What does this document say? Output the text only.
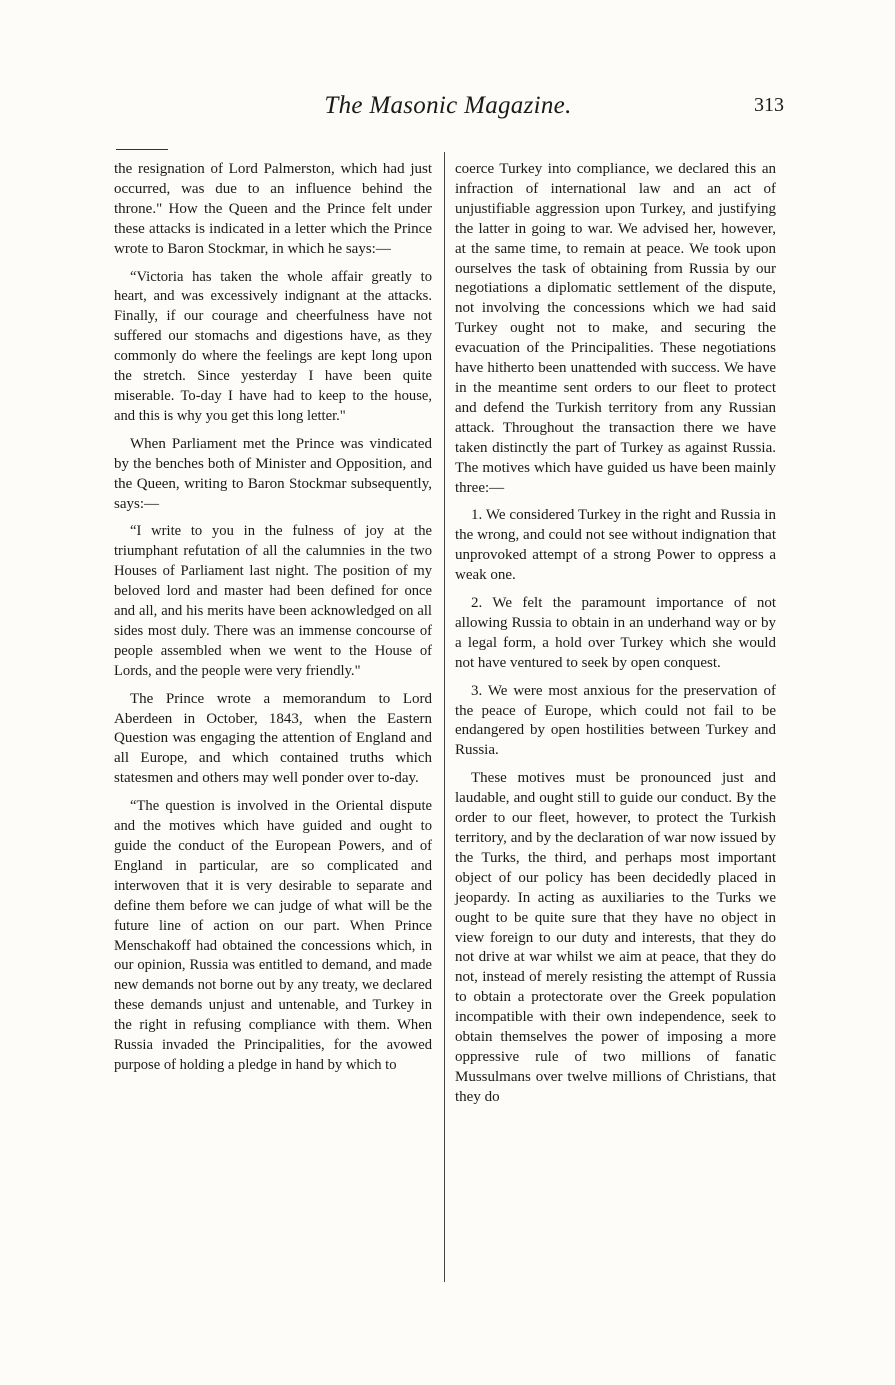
The Masonic Magazine.	313

the resignation of Lord Palmerston, which had just occurred, was due to an influence behind the throne." How the Queen and the Prince felt under these attacks is indicated in a letter which the Prince wrote to Baron Stockmar, in which he says:—

“Victoria has taken the whole affair greatly to heart, and was excessively indignant at the attacks. Finally, if our courage and cheerfulness have not suffered our stomachs and digestions have, as they commonly do where the feelings are kept long upon the stretch. Since yesterday I have been quite miserable. To-day I have had to keep to the house, and this is why you get this long letter."

When Parliament met the Prince was vindicated by the benches both of Minister and Opposition, and the Queen, writing to Baron Stockmar subsequently, says:—

“I write to you in the fulness of joy at the triumphant refutation of all the calumnies in the two Houses of Parliament last night. The position of my beloved lord and master had been defined for once and all, and his merits have been acknowledged on all sides most duly. There was an immense concourse of people assembled when we went to the House of Lords, and the people were very friendly."

The Prince wrote a memorandum to Lord Aberdeen in October, 1843, when the Eastern Question was engaging the attention of England and all Europe, and which contained truths which statesmen and others may well ponder over to-day.

“The question is involved in the Oriental dispute and the motives which have guided and ought to guide the conduct of the European Powers, and of England in particular, are so complicated and interwoven that it is very desirable to separate and define them before we can judge of what will be the future line of action on our part. When Prince Menschakoff had obtained the concessions which, in our opinion, Russia was entitled to demand, and made new demands not borne out by any treaty, we declared these demands unjust and untenable, and Turkey in the right in refusing compliance with them. When Russia invaded the Principalities, for the avowed purpose of holding a pledge in hand by which to

coerce Turkey into compliance, we declared this an infraction of international law and an act of unjustifiable aggression upon Turkey, and justifying the latter in going to war. We advised her, however, at the same time, to remain at peace. We took upon ourselves the task of obtaining from Russia by our negotiations a diplomatic settlement of the dispute, not involving the concessions which we had said Turkey ought not to make, and securing the evacuation of the Principalities. These negotiations have hitherto been unattended with success. We have in the meantime sent orders to our fleet to protect and defend the Turkish territory from any Russian attack. Throughout the transaction there we have taken distinctly the part of Turkey as against Russia. The motives which have guided us have been mainly three:—

1. We considered Turkey in the right and Russia in the wrong, and could not see without indignation that unprovoked attempt of a strong Power to oppress a weak one.

2. We felt the paramount importance of not allowing Russia to obtain in an underhand way or by a legal form, a hold over Turkey which she would not have ventured to seek by open conquest.

3. We were most anxious for the preservation of the peace of Europe, which could not fail to be endangered by open hostilities between Turkey and Russia.

These motives must be pronounced just and laudable, and ought still to guide our conduct. By the order to our fleet, however, to protect the Turkish territory, and by the declaration of war now issued by the Turks, the third, and perhaps most important object of our policy has been decidedly placed in jeopardy. In acting as auxiliaries to the Turks we ought to be quite sure that they have no object in view foreign to our duty and interests, that they do not drive at war whilst we aim at peace, that they do not, instead of merely resisting the attempt of Russia to obtain a protectorate over the Greek population incompatible with their own independence, seek to obtain themselves the power of imposing a more oppressive rule of two millions of fanatic Mussulmans over twelve millions of Christians, that they do
